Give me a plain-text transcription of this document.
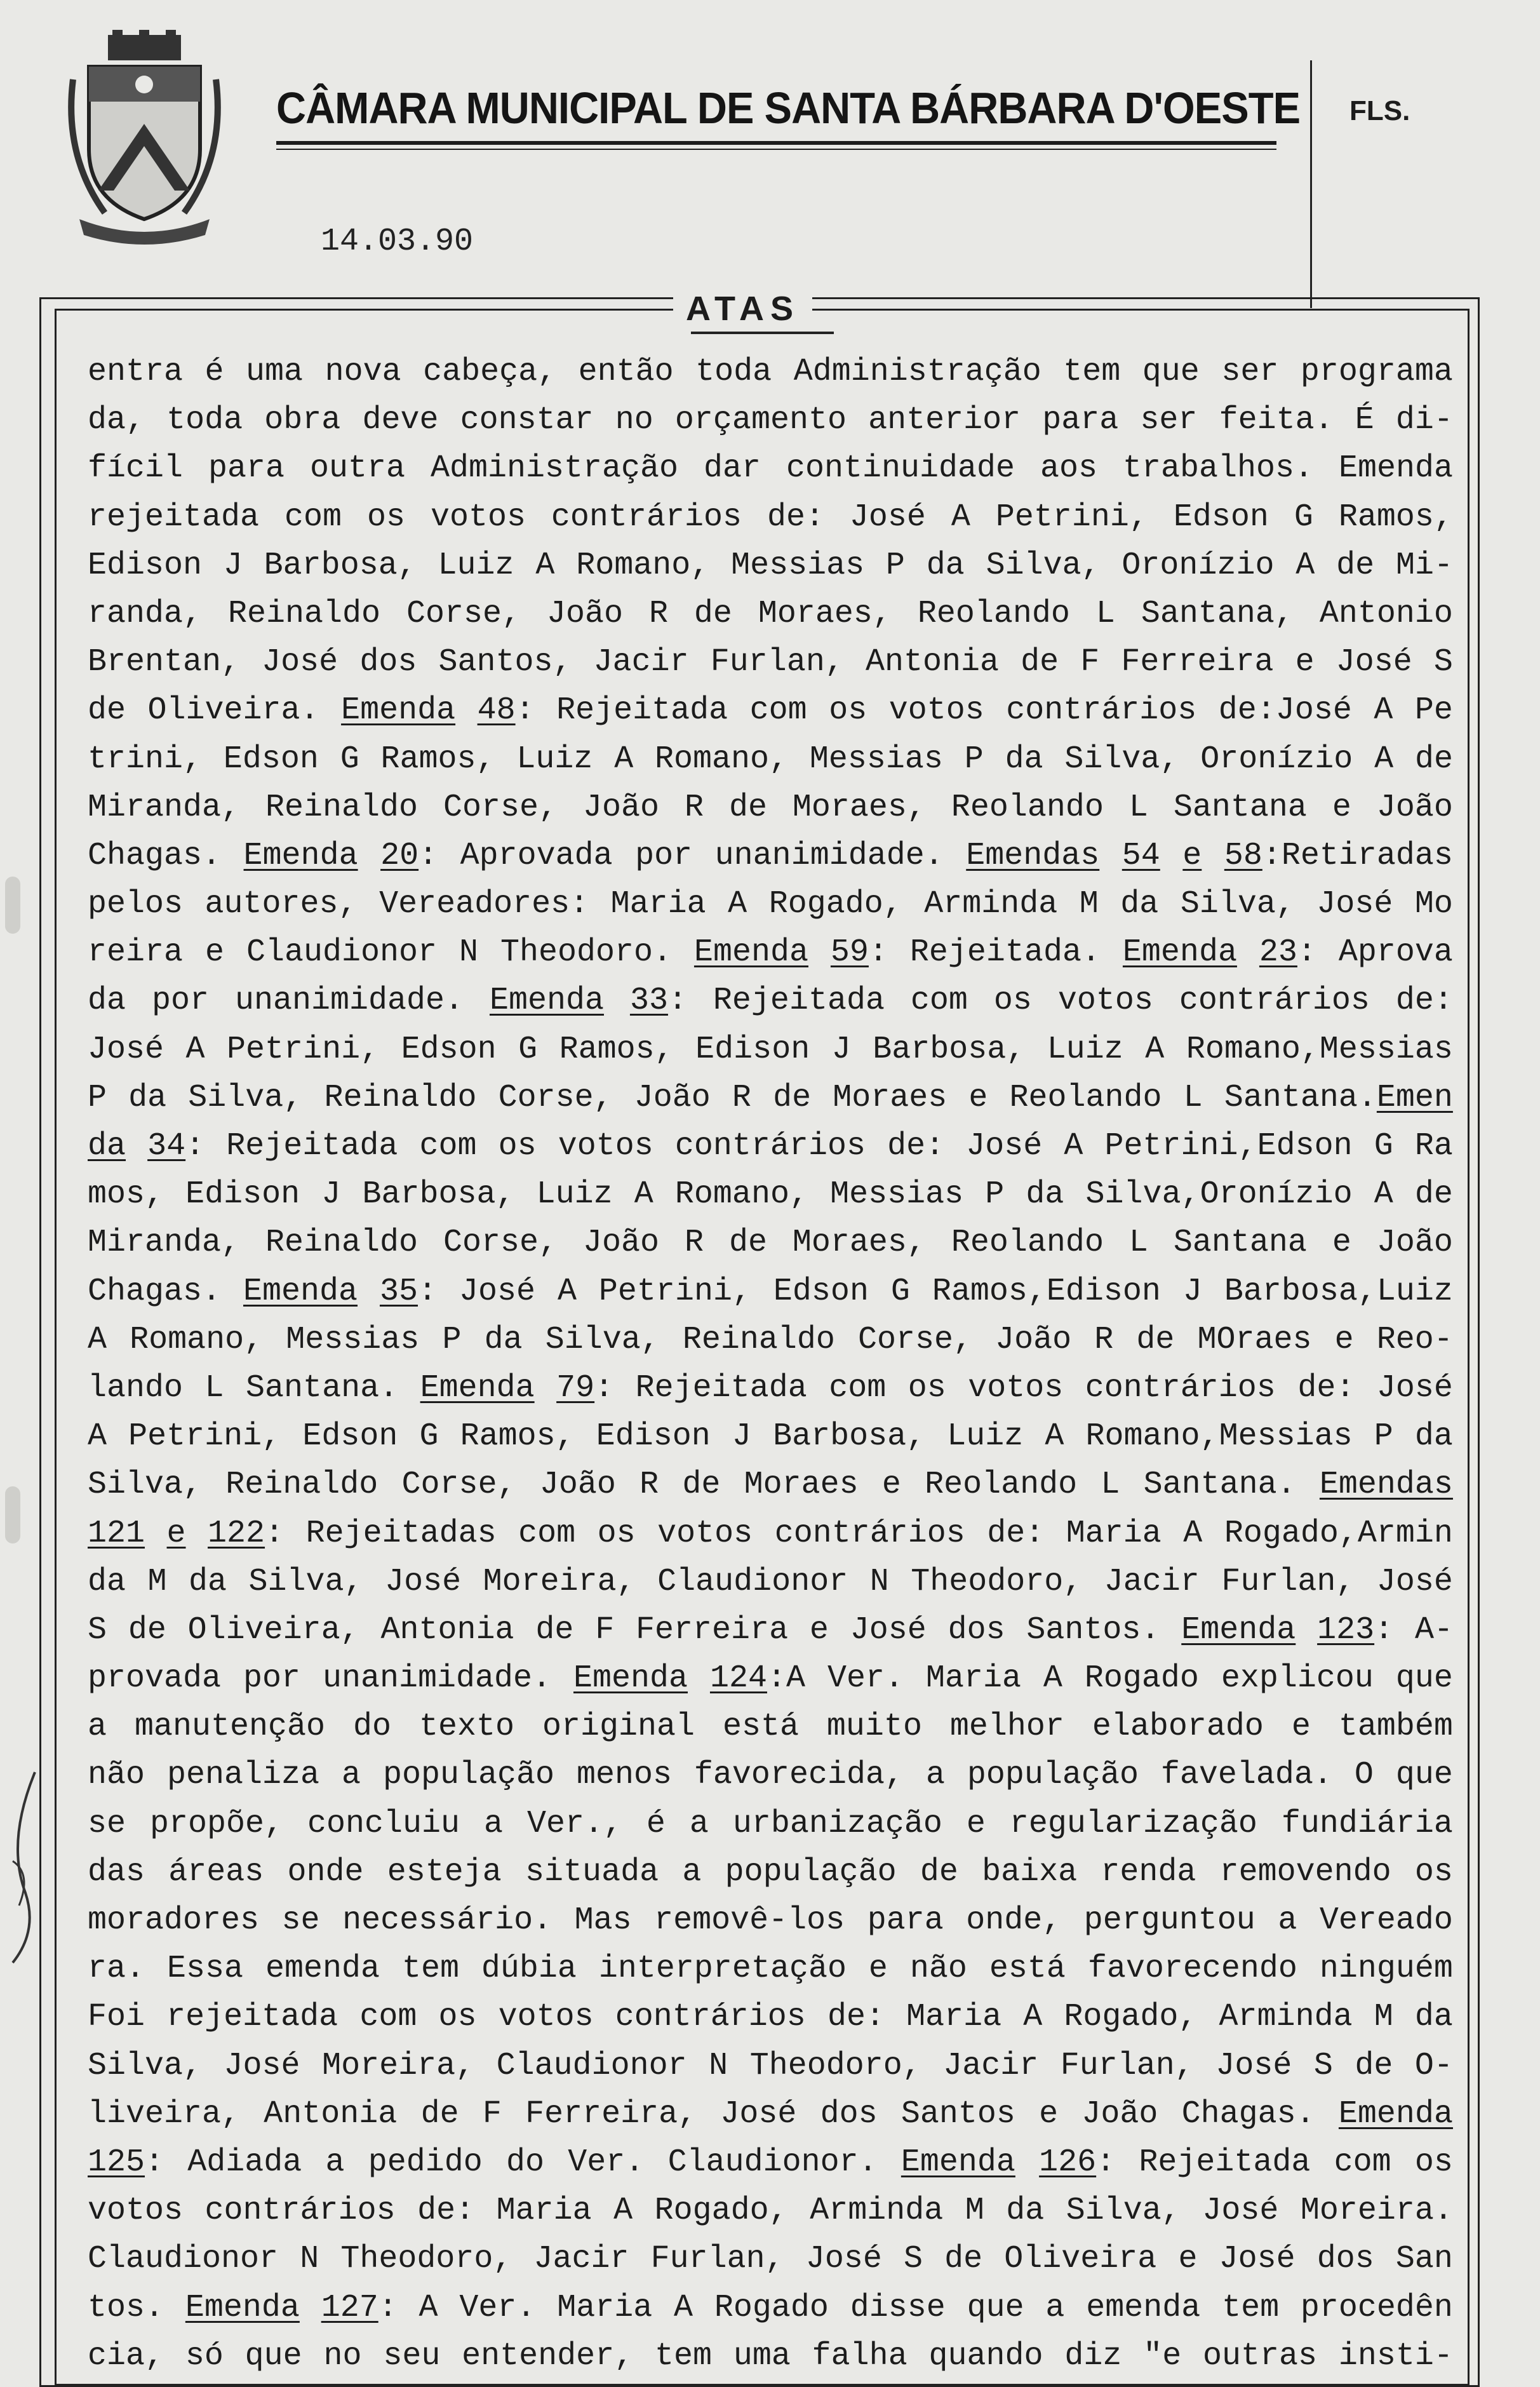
CÂMARA MUNICIPAL DE SANTA BÁRBARA D'OESTE FLS.
14.03.90
ATAS
entra é uma nova cabeça, então toda Administração tem que ser programa
da, toda obra deve constar no orçamento anterior para ser feita. É di-
fícil para outra Administração dar continuidade aos trabalhos. Emenda
rejeitada com os votos contrários de: José A Petrini, Edson G Ramos,
Edison J Barbosa, Luiz A Romano, Messias P da Silva, Oronízio A de Mi-
randa, Reinaldo Corse, João R de Moraes, Reolando L Santana, Antonio
Brentan, José dos Santos, Jacir Furlan, Antonia de F Ferreira e José S
de Oliveira. Emenda 48: Rejeitada com os votos contrários de:José A Pe
trini, Edson G Ramos, Luiz A Romano, Messias P da Silva, Oronízio A de
Miranda, Reinaldo Corse, João R de Moraes, Reolando L Santana e João
Chagas. Emenda 20: Aprovada por unanimidade. Emendas 54 e 58:Retiradas
pelos autores, Vereadores: Maria A Rogado, Arminda M da Silva, José Mo
reira e Claudionor N Theodoro. Emenda 59: Rejeitada. Emenda 23: Aprova
da por unanimidade. Emenda 33: Rejeitada com os votos contrários de:
José A Petrini, Edson G Ramos, Edison J Barbosa, Luiz A Romano,Messias
P da Silva, Reinaldo Corse, João R de Moraes e Reolando L Santana.Emen
da 34: Rejeitada com os votos contrários de: José A Petrini,Edson G Ra
mos, Edison J Barbosa, Luiz A Romano, Messias P da Silva,Oronízio A de
Miranda, Reinaldo Corse, João R de Moraes, Reolando L Santana e João
Chagas. Emenda 35: José A Petrini, Edson G Ramos,Edison J Barbosa,Luiz
A Romano, Messias P da Silva, Reinaldo Corse, João R de MOraes e Reo-
lando L Santana. Emenda 79: Rejeitada com os votos contrários de: José
A Petrini, Edson G Ramos, Edison J Barbosa, Luiz A Romano,Messias P da
Silva, Reinaldo Corse, João R de Moraes e Reolando L Santana. Emendas
121 e 122: Rejeitadas com os votos contrários de: Maria A Rogado,Armin
da M da Silva, José Moreira, Claudionor N Theodoro, Jacir Furlan, José
S de Oliveira, Antonia de F Ferreira e José dos Santos. Emenda 123: A-
provada por unanimidade. Emenda 124:A Ver. Maria A Rogado explicou que
a manutenção do texto original está muito melhor elaborado e também
não penaliza a população menos favorecida, a população favelada. O que
se propõe, concluiu a Ver., é a urbanização e regularização fundiária
das áreas onde esteja situada a população de baixa renda removendo os
moradores se necessário. Mas removê-los para onde, perguntou a Vereado
ra. Essa emenda tem dúbia interpretação e não está favorecendo ninguém
Foi rejeitada com os votos contrários de: Maria A Rogado, Arminda M da
Silva, José Moreira, Claudionor N Theodoro, Jacir Furlan, José S de O-
liveira, Antonia de F Ferreira, José dos Santos e João Chagas. Emenda
125: Adiada a pedido do Ver. Claudionor. Emenda 126: Rejeitada com os
votos contrários de: Maria A Rogado, Arminda M da Silva, José Moreira.
Claudionor N Theodoro, Jacir Furlan, José S de Oliveira e José dos San
tos. Emenda 127: A Ver. Maria A Rogado disse que a emenda tem procedên
cia, só que no seu entender, tem uma falha quando diz "e outras insti-
